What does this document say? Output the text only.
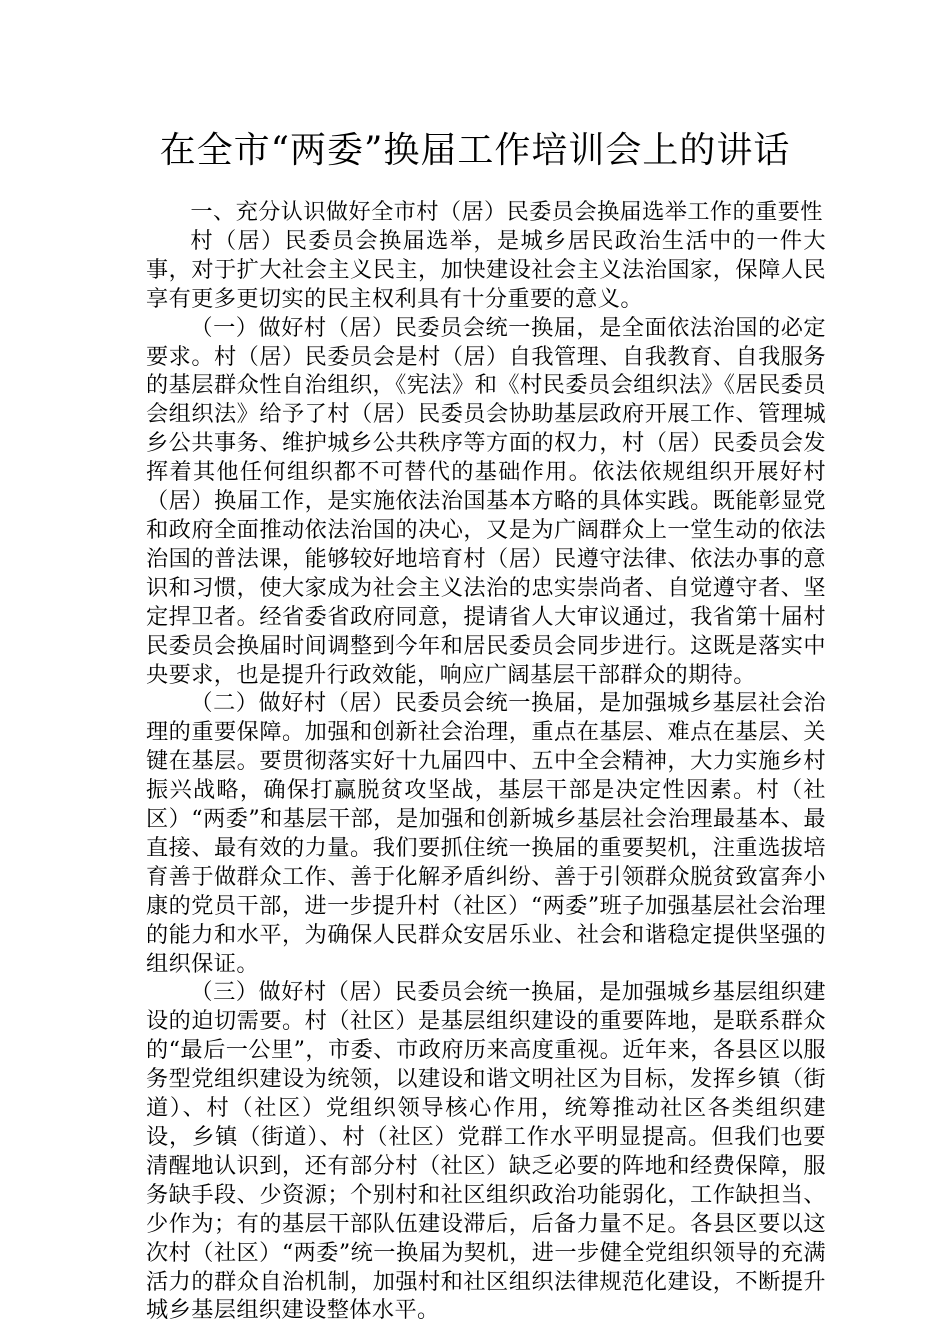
在全市“两委”换届工作培训会上的讲话

一、充分认识做好全市村（居）民委员会换届选举工作的重要性

村（居）民委员会换届选举，是城乡居民政治生活中的一件大事，对于扩大社会主义民主，加快建设社会主义法治国家，保障人民享有更多更切实的民主权利具有十分重要的意义。

（一）做好村（居）民委员会统一换届，是全面依法治国的必定要求。村（居）民委员会是村（居）自我管理、自我教育、自我服务的基层群众性自治组织，《宪法》和《村民委员会组织法》《居民委员会组织法》给予了村（居）民委员会协助基层政府开展工作、管理城乡公共事务、维护城乡公共秩序等方面的权力，村（居）民委员会发挥着其他任何组织都不可替代的基础作用。依法依规组织开展好村（居）换届工作，是实施依法治国基本方略的具体实践。既能彰显党和政府全面推动依法治国的决心，又是为广阔群众上一堂生动的依法治国的普法课，能够较好地培育村（居）民遵守法律、依法办事的意识和习惯，使大家成为社会主义法治的忠实崇尚者、自觉遵守者、坚定捍卫者。经省委省政府同意，提请省人大审议通过，我省第十届村民委员会换届时间调整到今年和居民委员会同步进行。这既是落实中央要求，也是提升行政效能，响应广阔基层干部群众的期待。

（二）做好村（居）民委员会统一换届，是加强城乡基层社会治理的重要保障。加强和创新社会治理，重点在基层、难点在基层、关键在基层。要贯彻落实好十九届四中、五中全会精神，大力实施乡村振兴战略，确保打赢脱贫攻坚战，基层干部是决定性因素。村（社区）“两委”和基层干部，是加强和创新城乡基层社会治理最基本、最直接、最有效的力量。我们要抓住统一换届的重要契机，注重选拔培育善于做群众工作、善于化解矛盾纠纷、善于引领群众脱贫致富奔小康的党员干部，进一步提升村（社区）“两委”班子加强基层社会治理的能力和水平，为确保人民群众安居乐业、社会和谐稳定提供坚强的组织保证。

（三）做好村（居）民委员会统一换届，是加强城乡基层组织建设的迫切需要。村（社区）是基层组织建设的重要阵地，是联系群众的“最后一公里”，市委、市政府历来高度重视。近年来，各县区以服务型党组织建设为统领，以建设和谐文明社区为目标，发挥乡镇（街道）、村（社区）党组织领导核心作用，统筹推动社区各类组织建设，乡镇（街道）、村（社区）党群工作水平明显提高。但我们也要清醒地认识到，还有部分村（社区）缺乏必要的阵地和经费保障，服务缺手段、少资源；个别村和社区组织政治功能弱化，工作缺担当、少作为；有的基层干部队伍建设滞后，后备力量不足。各县区要以这次村（社区）“两委”统一换届为契机，进一步健全党组织领导的充满活力的群众自治机制，加强村和社区组织法律规范化建设，不断提升城乡基层组织建设整体水平。
